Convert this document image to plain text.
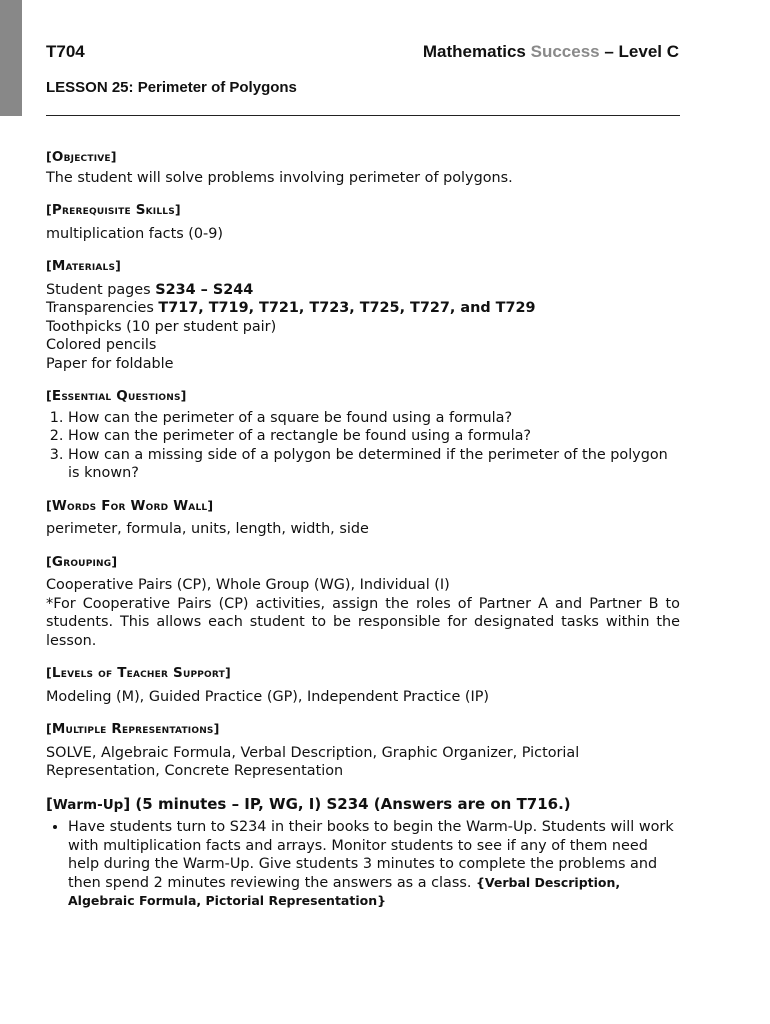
T704	Mathematics Success – Level C
LESSON 25: Perimeter of Polygons
[Objective]
The student will solve problems involving perimeter of polygons.
[Prerequisite Skills]
multiplication facts (0-9)
[Materials]
Student pages S234 – S244
Transparencies T717, T719, T721, T723, T725, T727, and T729
Toothpicks (10 per student pair)
Colored pencils
Paper for foldable
[Essential Questions]
1. How can the perimeter of a square be found using a formula?
2. How can the perimeter of a rectangle be found using a formula?
3. How can a missing side of a polygon be determined if the perimeter of the polygon is known?
[Words For Word Wall]
perimeter, formula, units, length, width, side
[Grouping]
Cooperative Pairs (CP), Whole Group (WG), Individual (I)
*For Cooperative Pairs (CP) activities, assign the roles of Partner A and Partner B to students. This allows each student to be responsible for designated tasks within the lesson.
[Levels of Teacher Support]
Modeling (M), Guided Practice (GP), Independent Practice (IP)
[Multiple Representations]
SOLVE, Algebraic Formula, Verbal Description, Graphic Organizer, Pictorial Representation, Concrete Representation
[Warm-Up] (5 minutes – IP, WG, I) S234 (Answers are on T716.)
• Have students turn to S234 in their books to begin the Warm-Up. Students will work with multiplication facts and arrays. Monitor students to see if any of them need help during the Warm-Up. Give students 3 minutes to complete the problems and then spend 2 minutes reviewing the answers as a class. {Verbal Description, Algebraic Formula, Pictorial Representation}
